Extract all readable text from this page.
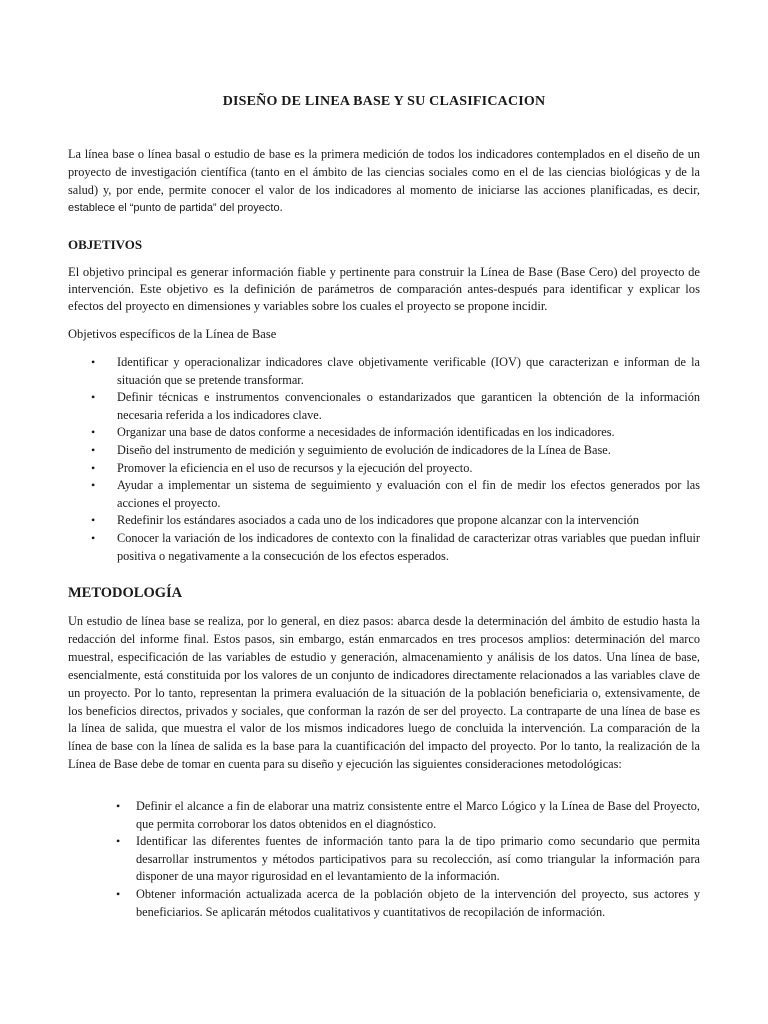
DISEÑO DE LINEA BASE Y SU CLASIFICACION

La línea base o línea basal o estudio de base es la primera medición de todos los indicadores contemplados en el diseño de un proyecto de investigación científica (tanto en el ámbito de las ciencias sociales como en el de las ciencias biológicas y de la salud) y, por ende, permite conocer el valor de los indicadores al momento de iniciarse las acciones planificadas, es decir, establece el “punto de partida” del proyecto.

OBJETIVOS

El objetivo principal es generar información fiable y pertinente para construir la Línea de Base (Base Cero) del proyecto de intervención. Este objetivo es la definición de parámetros de comparación antes-después para identificar y explicar los efectos del proyecto en dimensiones y variables sobre los cuales el proyecto se propone incidir.

Objetivos específicos de la Línea de Base

• Identificar y operacionalizar indicadores clave objetivamente verificable (IOV) que caracterizan e informan de la situación que se pretende transformar.
• Definir técnicas e instrumentos convencionales o estandarizados que garanticen la obtención de la información necesaria referida a los indicadores clave.
• Organizar una base de datos conforme a necesidades de información identificadas en los indicadores.
• Diseño del instrumento de medición y seguimiento de evolución de indicadores de la Línea de Base.
• Promover la eficiencia en el uso de recursos y la ejecución del proyecto.
• Ayudar a implementar un sistema de seguimiento y evaluación con el fin de medir los efectos generados por las acciones el proyecto.
• Redefinir los estándares asociados a cada uno de los indicadores que propone alcanzar con la intervención
• Conocer la variación de los indicadores de contexto con la finalidad de caracterizar otras variables que puedan influir positiva o negativamente a la consecución de los efectos esperados.
METODOLOGÍA

Un estudio de línea base se realiza, por lo general, en diez pasos: abarca desde la determinación del ámbito de estudio hasta la redacción del informe final. Estos pasos, sin embargo, están enmarcados en tres procesos amplios: determinación del marco muestral, especificación de las variables de estudio y generación, almacenamiento y análisis de los datos. Una línea de base, esencialmente, está constituida por los valores de un conjunto de indicadores directamente relacionados a las variables clave de un proyecto. Por lo tanto, representan la primera evaluación de la situación de la población beneficiaria o, extensivamente, de los beneficios directos, privados y sociales, que conforman la razón de ser del proyecto. La contraparte de una línea de base es la línea de salida, que muestra el valor de los mismos indicadores luego de concluida la intervención. La comparación de la línea de base con la línea de salida es la base para la cuantificación del impacto del proyecto. Por lo tanto, la realización de la Línea de Base debe de tomar en cuenta para su diseño y ejecución las siguientes consideraciones metodológicas:

• Definir el alcance a fin de elaborar una matriz consistente entre el Marco Lógico y la Línea de Base del Proyecto, que permita corroborar los datos obtenidos en el diagnóstico.
• Identificar las diferentes fuentes de información tanto para la de tipo primario como secundario que permita desarrollar instrumentos y métodos participativos para su recolección, así como triangular la información para disponer de una mayor rigurosidad en el levantamiento de la información.
• Obtener información actualizada acerca de la población objeto de la intervención del proyecto, sus actores y beneficiarios. Se aplicarán métodos cualitativos y cuantitativos de recopilación de información.
